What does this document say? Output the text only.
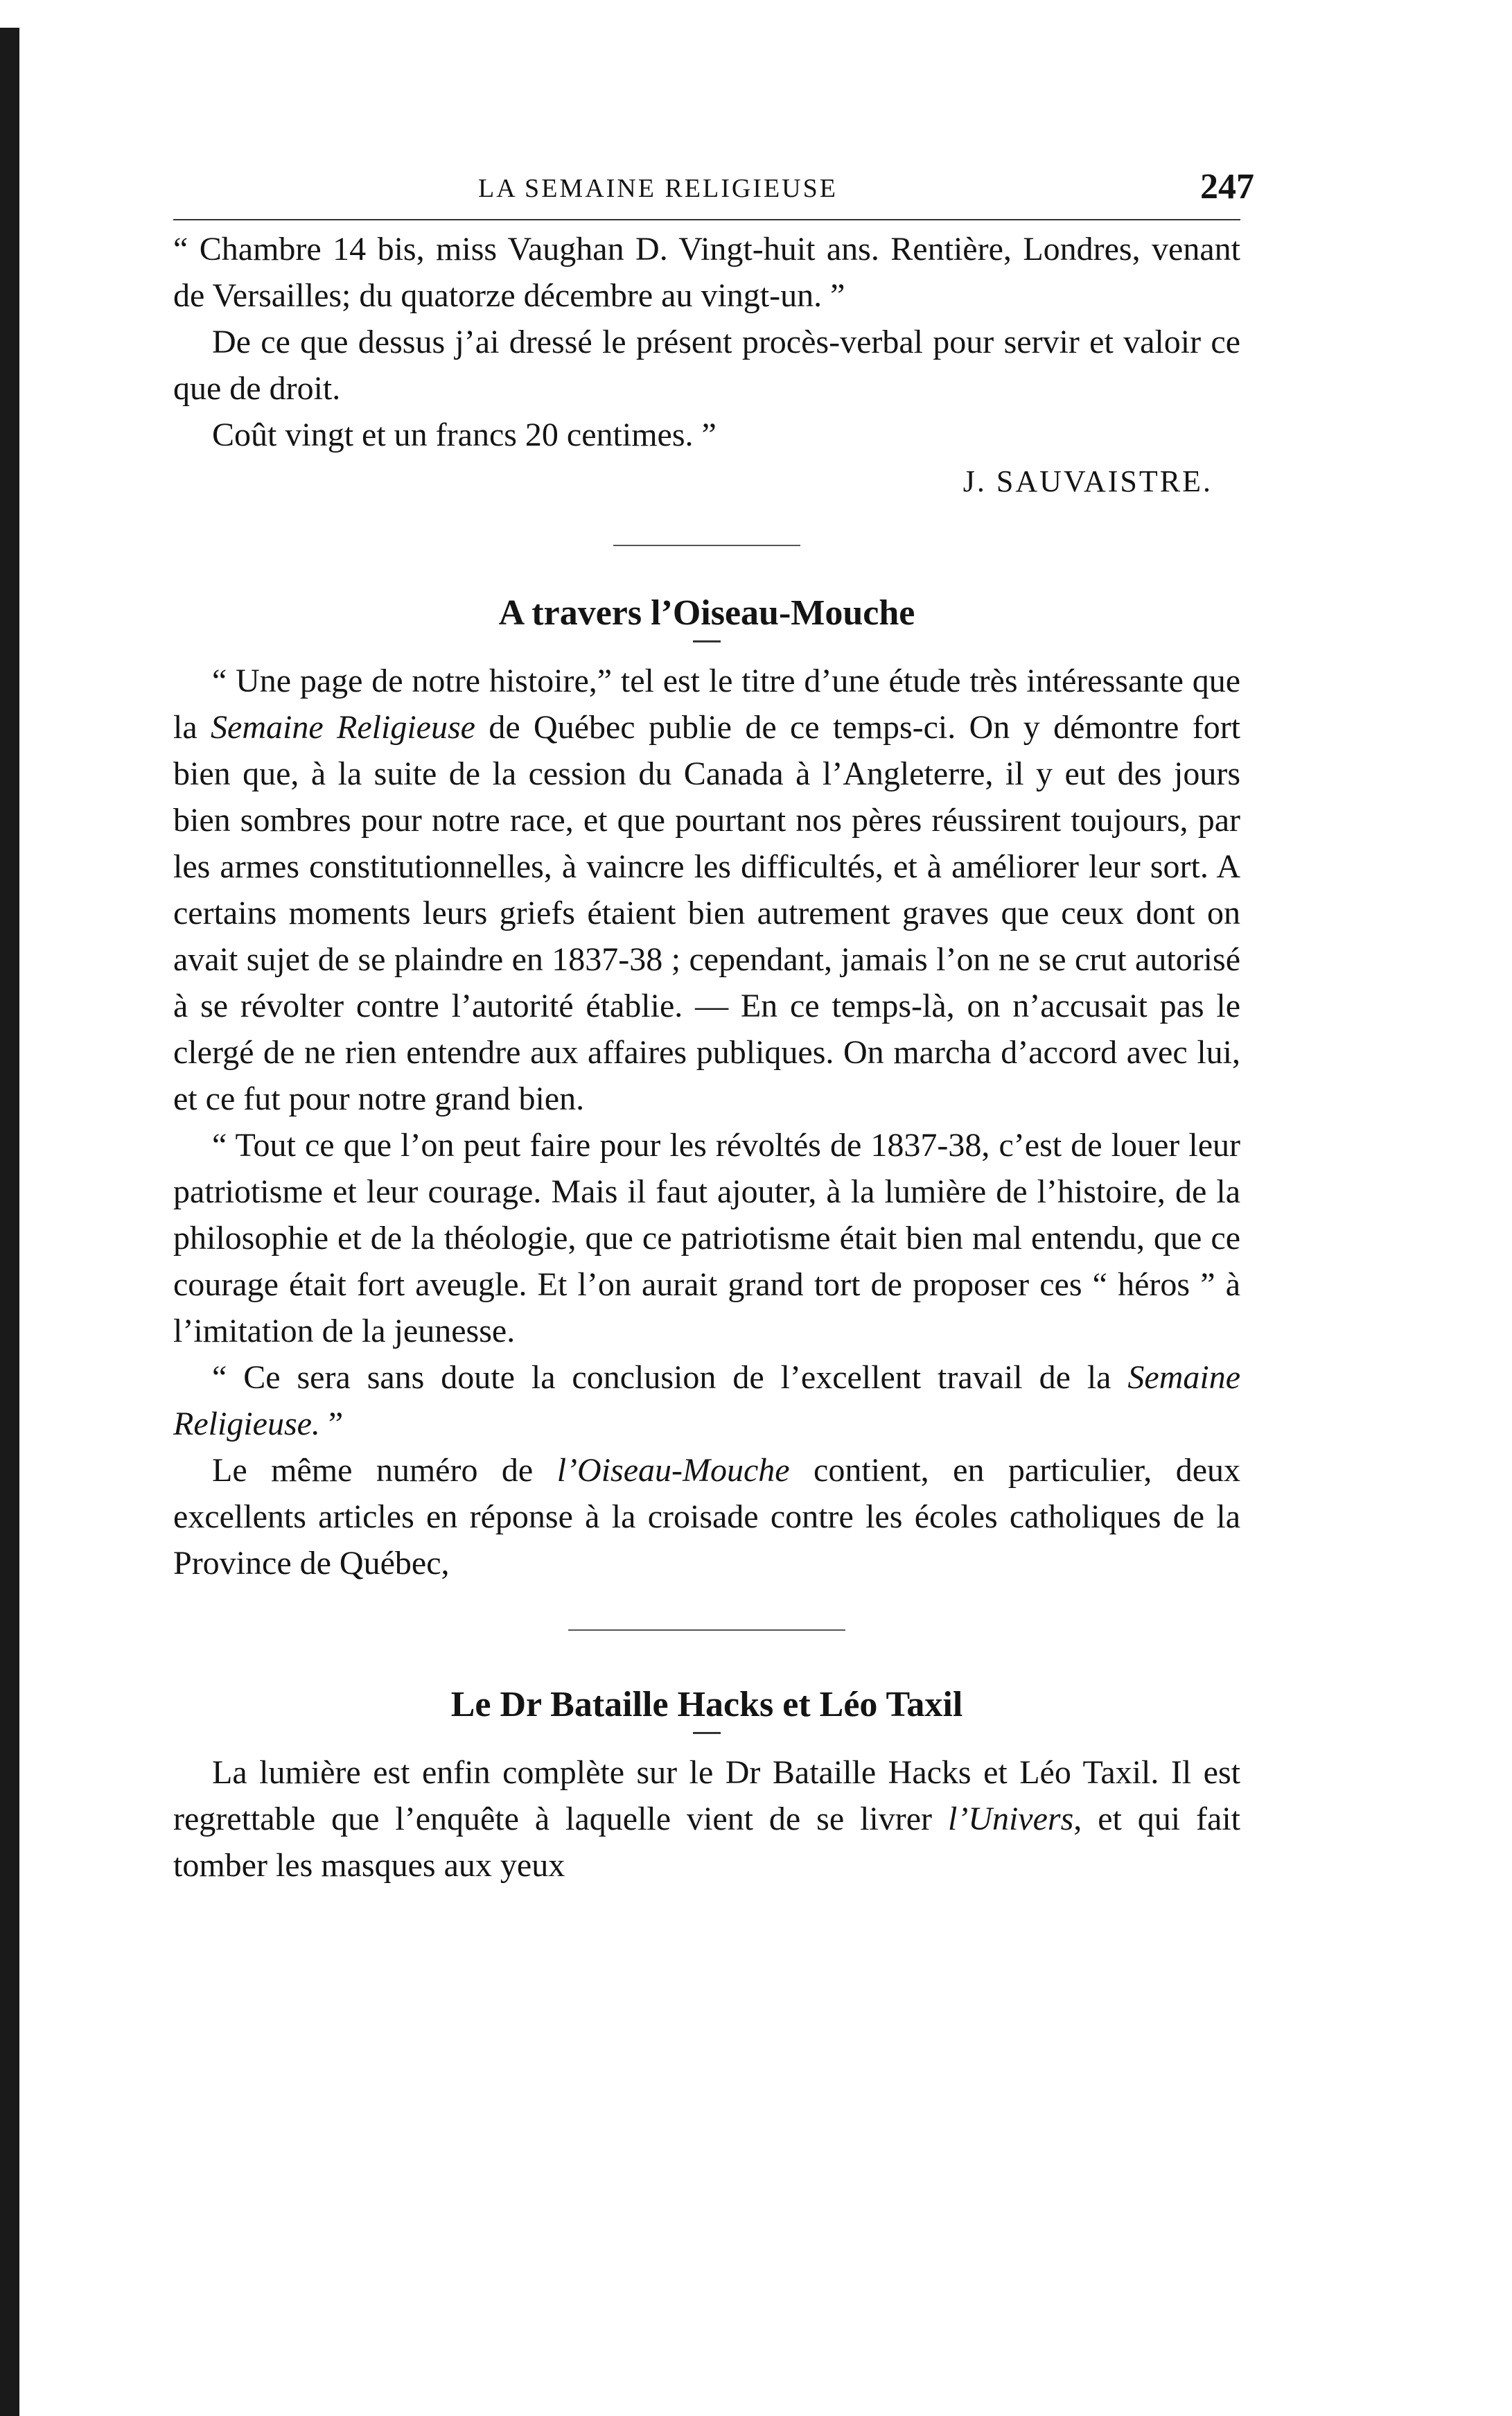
LA SEMAINE RELIGIEUSE	247

“ Chambre 14 bis, miss Vaughan D. Vingt-huit ans. Rentière, Londres, venant de Versailles; du quatorze décembre au vingt-un. ”

De ce que dessus j’ai dressé le présent procès-verbal pour servir et valoir ce que de droit.

Coût vingt et un francs 20 centimes. ”

J. SAUVAISTRE.

A travers l’Oiseau-Mouche

“ Une page de notre histoire,” tel est le titre d’une étude très intéressante que la Semaine Religieuse de Québec publie de ce temps-ci. On y démontre fort bien que, à la suite de la cession du Canada à l’Angleterre, il y eut des jours bien sombres pour notre race, et que pourtant nos pères réussirent toujours, par les armes constitutionnelles, à vaincre les difficultés, et à améliorer leur sort. A certains moments leurs griefs étaient bien autrement graves que ceux dont on avait sujet de se plaindre en 1837-38 ; cependant, jamais l’on ne se crut autorisé à se révolter contre l’autorité établie. — En ce temps-là, on n’accusait pas le clergé de ne rien entendre aux affaires publiques. On marcha d’accord avec lui, et ce fut pour notre grand bien.

“ Tout ce que l’on peut faire pour les révoltés de 1837-38, c’est de louer leur patriotisme et leur courage. Mais il faut ajouter, à la lumière de l’histoire, de la philosophie et de la théologie, que ce patriotisme était bien mal entendu, que ce courage était fort aveugle. Et l’on aurait grand tort de proposer ces “ héros ” à l’imitation de la jeunesse.

“ Ce sera sans doute la conclusion de l’excellent travail de la Semaine Religieuse. ”

Le même numéro de l’Oiseau-Mouche contient, en particulier, deux excellents articles en réponse à la croisade contre les écoles catholiques de la Province de Québec,

Le Dr Bataille Hacks et Léo Taxil

La lumière est enfin complète sur le Dr Bataille Hacks et Léo Taxil. Il est regrettable que l’enquête à laquelle vient de se livrer l’Univers, et qui fait tomber les masques aux yeux
